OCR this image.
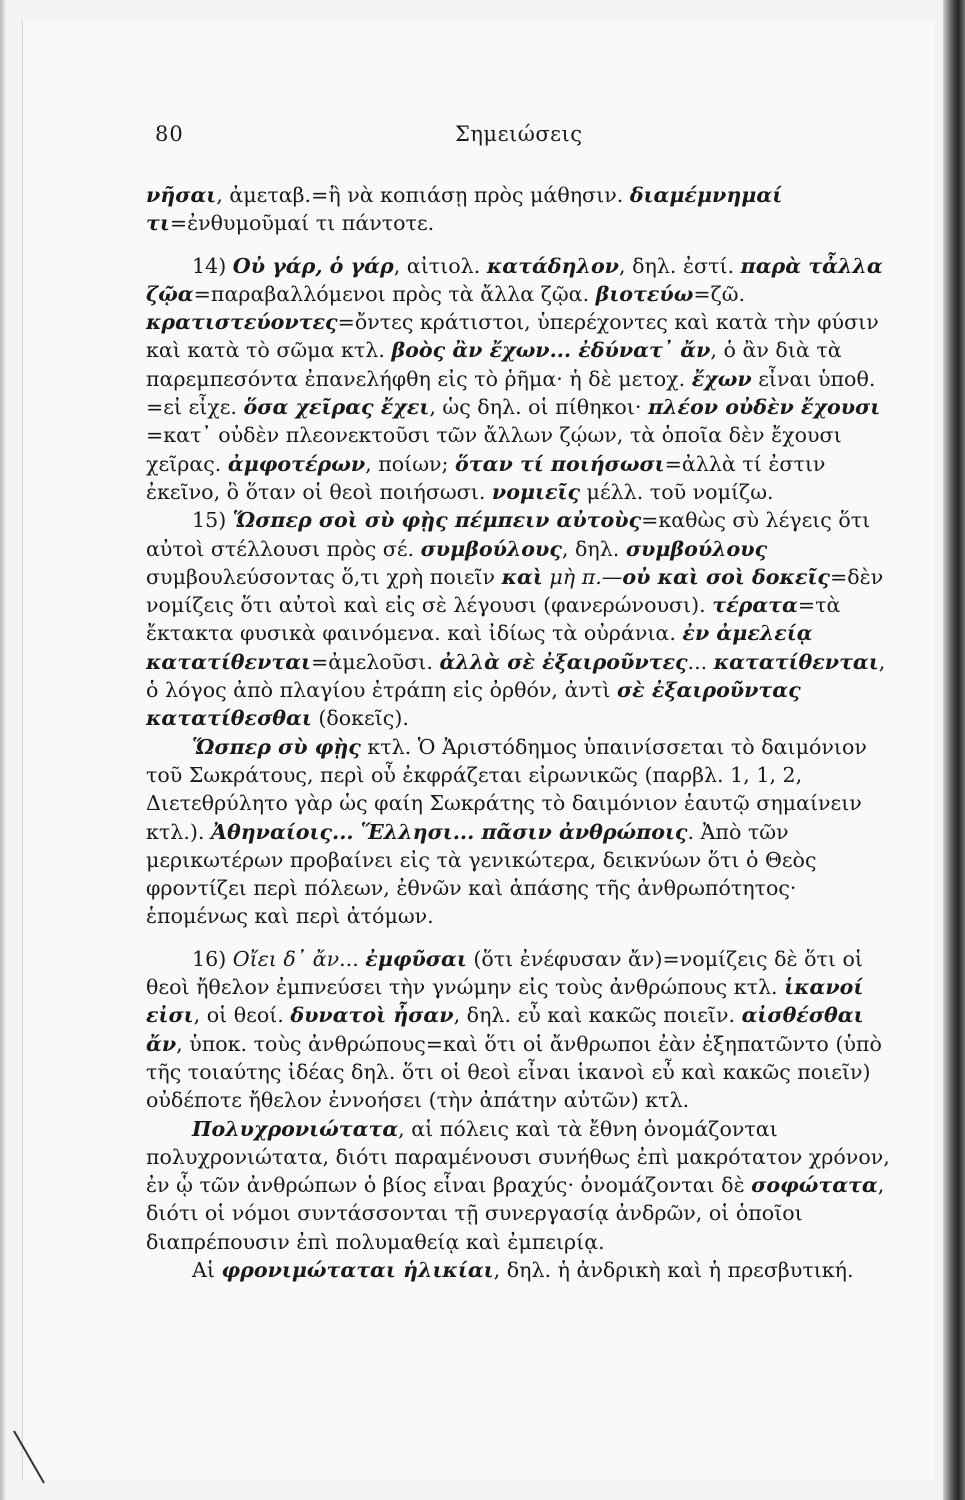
80	Σημειώσεις

νῆσαι, ἀμεταβ.=ἢ νὰ κοπιάσῃ πρὸς μάθησιν. διαμέμνημαί τι=ἐνθυμοῦμαί τι πάντοτε.

14) Οὐ γάρ, ὁ γάρ, αἰτιολ. κατάδηλον, δηλ. ἐστί. παρὰ τἆλλα ζῷα=παραβαλλόμενοι πρὸς τὰ ἄλλα ζῷα. βιοτεύω=ζῶ. κρατιστεύοντες=ὄντες κράτιστοι, ὑπερέχοντες καὶ κατὰ τὴν φύσιν καὶ κατὰ τὸ σῶμα κτλ. βοὸς ἂν ἔχων... ἐδύνατ᾽ ἄν, ὁ ἂν διὰ τὰ παρεμπεσόντα ἐπανελήφθη εἰς τὸ ῥῆμα· ἡ δὲ μετοχ. ἔχων εἶναι ὑποθ. =εἰ εἶχε. ὅσα χεῖρας ἔχει, ὡς δηλ. οἱ πίθηκοι· πλέον οὐδὲν ἔχουσι =κατ᾽ οὐδὲν πλεονεκτοῦσι τῶν ἄλλων ζῴων, τὰ ὁποῖα δὲν ἔχουσι χεῖρας. ἀμφοτέρων, ποίων; ὅταν τί ποιήσωσι=ἀλλὰ τί ἐστιν ἐκεῖνο, ὃ ὅταν οἱ θεοὶ ποιήσωσι. νομιεῖς μέλλ. τοῦ νομίζω.

15) Ὥσπερ σοὶ σὺ φῂς πέμπειν αὐτοὺς=καθὼς σὺ λέγεις ὅτι αὐτοὶ στέλλουσι πρὸς σέ. συμβούλους, δηλ. συμβούλους συμβουλεύσοντας ὅ,τι χρὴ ποιεῖν καὶ μὴ π.—οὐ καὶ σοὶ δοκεῖς=δὲν νομίζεις ὅτι αὐτοὶ καὶ εἰς σὲ λέγουσι (φανερώνουσι). τέρατα=τὰ ἔκτακτα φυσικὰ φαινόμενα. καὶ ἰδίως τὰ οὐράνια. ἐν ἀμελείᾳ κατατίθενται=ἀμελοῦσι. ἀλλὰ σὲ ἐξαιροῦντες... κατατίθενται, ὁ λόγος ἀπὸ πλαγίου ἐτράπη εἰς ὀρθόν, ἀντὶ σὲ ἐξαιροῦντας κατατίθεσθαι (δοκεῖς).

Ὥσπερ σὺ φῂς κτλ. Ὁ Ἀριστόδημος ὑπαινίσσεται τὸ δαιμόνιον τοῦ Σωκράτους, περὶ οὗ ἐκφράζεται εἰρωνικῶς (παρβλ. 1, 1, 2, Διετεθρύλητο γὰρ ὡς φαίη Σωκράτης τὸ δαιμόνιον ἑαυτῷ σημαίνειν κτλ.). Ἀθηναίοις... Ἕλλησι... πᾶσιν ἀνθρώποις. Ἀπὸ τῶν μερικωτέρων προβαίνει εἰς τὰ γενικώτερα, δεικνύων ὅτι ὁ Θεὸς φροντίζει περὶ πόλεων, ἐθνῶν καὶ ἁπάσης τῆς ἀνθρωπότητος· ἑπομένως καὶ περὶ ἀτόμων.

16) Οἴει δ᾽ ἄν... ἐμφῦσαι (ὅτι ἐνέφυσαν ἄν)=νομίζεις δὲ ὅτι οἱ θεοὶ ἤθελον ἐμπνεύσει τὴν γνώμην εἰς τοὺς ἀνθρώπους κτλ. ἱκανοί εἰσι, οἱ θεοί. δυνατοὶ ἦσαν, δηλ. εὖ καὶ κακῶς ποιεῖν. αἰσθέσθαι ἄν, ὑποκ. τοὺς ἀνθρώπους=καὶ ὅτι οἱ ἄνθρωποι ἐὰν ἐξηπατῶντο (ὑπὸ τῆς τοιαύτης ἰδέας δηλ. ὅτι οἱ θεοὶ εἶναι ἱκανοὶ εὖ καὶ κακῶς ποιεῖν) οὐδέποτε ἤθελον ἐννοήσει (τὴν ἀπάτην αὐτῶν) κτλ.

Πολυχρονιώτατα, αἱ πόλεις καὶ τὰ ἔθνη ὀνομάζονται πολυχρονιώτατα, διότι παραμένουσι συνήθως ἐπὶ μακρότατον χρόνον, ἐν ᾧ τῶν ἀνθρώπων ὁ βίος εἶναι βραχύς· ὀνομάζονται δὲ σοφώτατα, διότι οἱ νόμοι συντάσσονται τῇ συνεργασίᾳ ἀνδρῶν, οἱ ὁποῖοι διαπρέπουσιν ἐπὶ πολυμαθείᾳ καὶ ἐμπειρίᾳ.

Αἱ φρονιμώταται ἡλικίαι, δηλ. ἡ ἀνδρικὴ καὶ ἡ πρεσβυτική.
